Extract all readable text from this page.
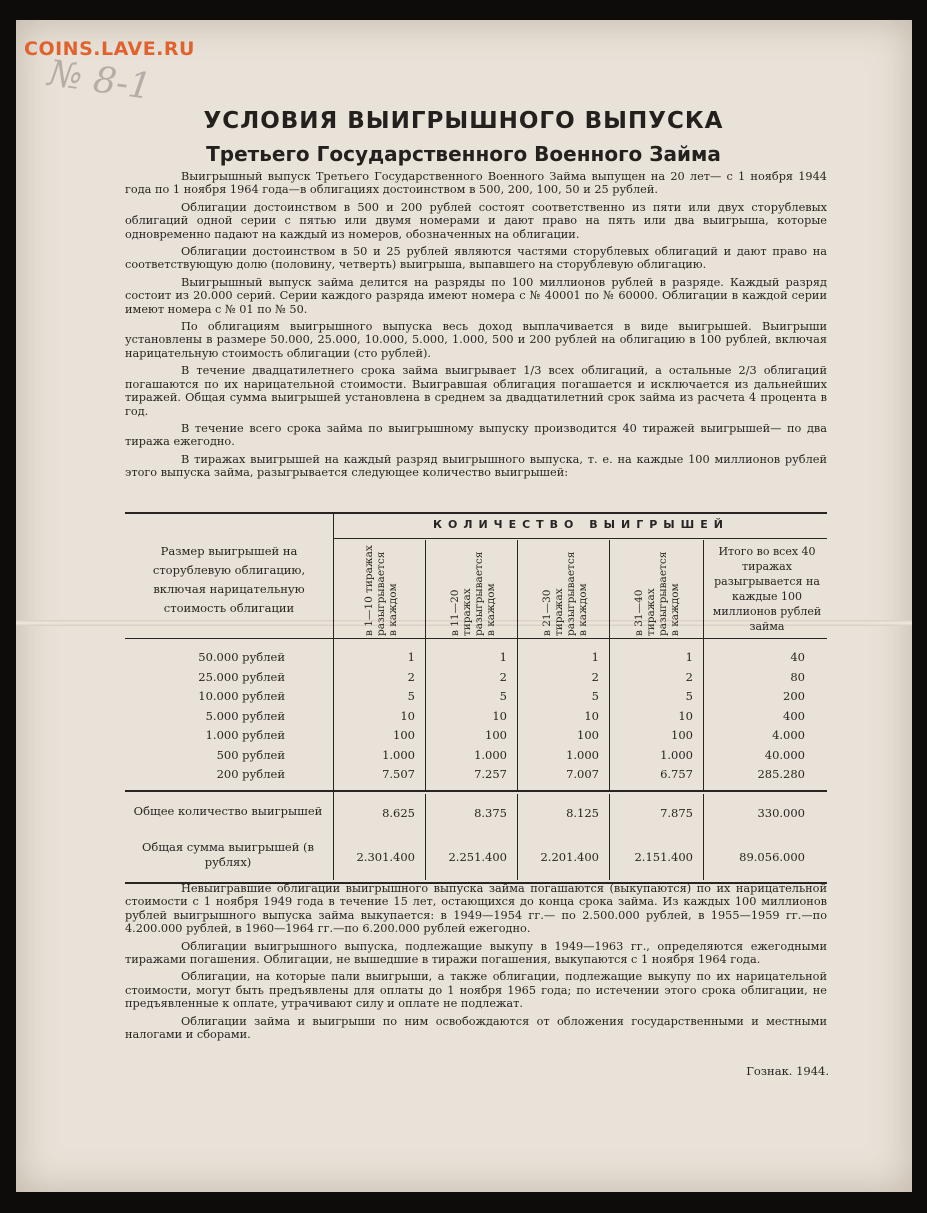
COINS.LAVE.RU
№ 8-1
УСЛОВИЯ ВЫИГРЫШНОГО ВЫПУСКА
Третьего Государственного Военного Займа

Выигрышный выпуск Третьего Государственного Военного Займа выпущен на 20 лет— с 1 ноября 1944 года по 1 ноября 1964 года—в облигациях достоинством в 500, 200, 100, 50 и 25 рублей.

Облигации достоинством в 500 и 200 рублей состоят соответственно из пяти или двух сторублевых облигаций одной серии с пятью или двумя номерами и дают право на пять или два выигрыша, которые одновременно падают на каждый из номеров, обозначенных на облигации.

Облигации достоинством в 50 и 25 рублей являются частями сторублевых облигаций и дают право на соответствующую долю (половину, четверть) выигрыша, выпавшего на сторублевую облигацию.

Выигрышный выпуск займа делится на разряды по 100 миллионов рублей в разряде. Каждый разряд состоит из 20.000 серий. Серии каждого разряда имеют номера с № 40001 по № 60000. Облигации в каждой серии имеют номера с № 01 по № 50.

По облигациям выигрышного выпуска весь доход выплачивается в виде выигрышей. Выигрыши установлены в размере 50.000, 25.000, 10.000, 5.000, 1.000, 500 и 200 рублей на облигацию в 100 рублей, включая нарицательную стоимость облигации (сто рублей).

В течение двадцатилетнего срока займа выигрывает 1/3 всех облигаций, а остальные 2/3 облигаций погашаются по их нарицательной стоимости. Выигравшая облигация погашается и исключается из дальнейших тиражей. Общая сумма выигрышей установлена в среднем за двадцатилетний срок займа из расчета 4 процента в год.

В течение всего срока займа по выигрышному выпуску производится 40 тиражей выигрышей— по два тиража ежегодно.

В тиражах выигрышей на каждый разряд выигрышного выпуска, т. е. на каждые 100 миллионов рублей этого выпуска займа, разыгрывается следующее количество выигрышей:

Размер выигрышей на сторублевую облигацию, включая нарицательную стоимость облигации
КОЛИЧЕСТВО ВЫИГРЫШЕЙ
в 1—10 тиражах разыгрывается в каждом	в 11—20 тиражах разыгрывается в каждом	в 21—30 тиражах разыгрывается в каждом	в 31—40 тиражах разыгрывается в каждом
Итого во всех 40 тиражах разыгрывается на каждые 100 миллионов рублей займа
50.000 рублей	1	1	1	1	40
25.000 рублей	2	2	2	2	80
10.000 рублей	5	5	5	5	200
5.000 рублей	10	10	10	10	400
1.000 рублей	100	100	100	100	4.000
500 рублей	1.000	1.000	1.000	1.000	40.000
200 рублей	7.507	7.257	7.007	6.757	285.280
Общее количество выигрышей	8.625	8.375	8.125	7.875	330.000
Общая сумма выигрышей (в рублях)	2.301.400	2.251.400	2.201.400	2.151.400	89.056.000

Невыигравшие облигации выигрышного выпуска займа погашаются (выкупаются) по их нарицательной стоимости с 1 ноября 1949 года в течение 15 лет, остающихся до конца срока займа. Из каждых 100 миллионов рублей выигрышного выпуска займа выкупается: в 1949—1954 гг.— по 2.500.000 рублей, в 1955—1959 гг.—по 4.200.000 рублей, в 1960—1964 гг.—по 6.200.000 рублей ежегодно.

Облигации выигрышного выпуска, подлежащие выкупу в 1949—1963 гг., определяются ежегодными тиражами погашения. Облигации, не вышедшие в тиражи погашения, выкупаются с 1 ноября 1964 года.

Облигации, на которые пали выигрыши, а также облигации, подлежащие выкупу по их нарицательной стоимости, могут быть предъявлены для оплаты до 1 ноября 1965 года; по истечении этого срока облигации, не предъявленные к оплате, утрачивают силу и оплате не подлежат.

Облигации займа и выигрыши по ним освобождаются от обложения государственными и местными налогами и сборами.

Гознак. 1944.
